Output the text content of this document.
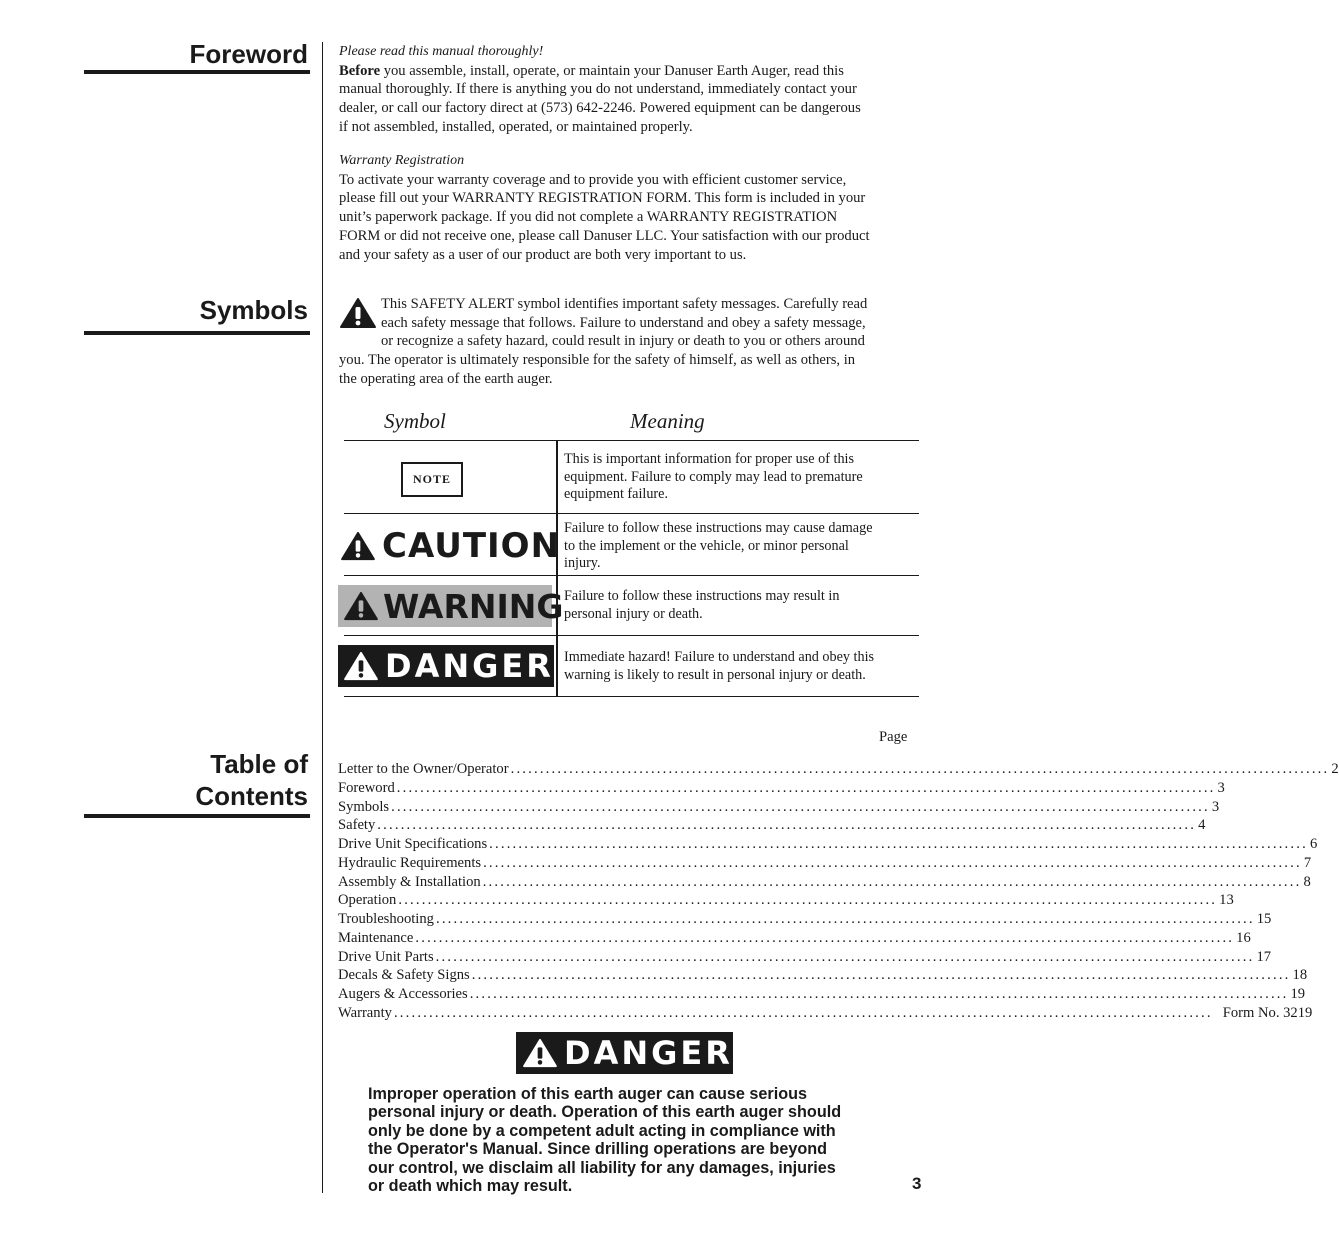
Foreword
Symbols
Table of
Contents
Please read this manual thoroughly!
Before you assemble, install, operate, or maintain your Danuser Earth Auger, read this
manual thoroughly. If there is anything you do not understand, immediately contact your
dealer, or call our factory direct at (573) 642-2246. Powered equipment can be dangerous
if not assembled, installed, operated, or maintained properly.
Warranty Registration
To activate your warranty coverage and to provide you with efficient customer service,
please fill out your WARRANTY REGISTRATION FORM. This form is included in your
unit’s paperwork package. If you did not complete a WARRANTY REGISTRATION
FORM or did not receive one, please call Danuser LLC. Your satisfaction with our product
and your safety as a user of our product are both very important to us.
This SAFETY ALERT symbol identifies important safety messages. Carefully read
each safety message that follows. Failure to understand and obey a safety message,
or recognize a safety hazard, could result in injury or death to you or others around
you. The operator is ultimately responsible for the safety of himself, as well as others, in
the operating area of the earth auger.
Symbol	Meaning
NOTE
This is important information for proper use of this
equipment. Failure to comply may lead to premature
equipment failure.
CAUTION Failure to follow these instructions may cause damage
to the implement or the vehicle, or minor personal
injury.
WARNING Failure to follow these instructions may result in
personal injury or death.
DANGER Immediate hazard! Failure to understand and obey this
warning is likely to result in personal injury or death.
Page
Letter to the Owner/Operator ............................................................................................................................................ 2
Foreword ............................................................................................................................................ 3
Symbols ............................................................................................................................................ 3
Safety ............................................................................................................................................ 4
Drive Unit Specifications ............................................................................................................................................ 6
Hydraulic Requirements ............................................................................................................................................ 7
Assembly & Installation ............................................................................................................................................ 8
Operation ............................................................................................................................................ 13
Troubleshooting ............................................................................................................................................ 15
Maintenance ............................................................................................................................................ 16
Drive Unit Parts ............................................................................................................................................ 17
Decals & Safety Signs ............................................................................................................................................ 18
Augers & Accessories ............................................................................................................................................ 19
Warranty ............................................................................................................................................ Form No. 3219
DANGER
Improper operation of this earth auger can cause serious
personal injury or death. Operation of this earth auger should
only be done by a competent adult acting in compliance with
the Operator's Manual. Since drilling operations are beyond
our control, we disclaim all liability for any damages, injuries
or death which may result.	3
